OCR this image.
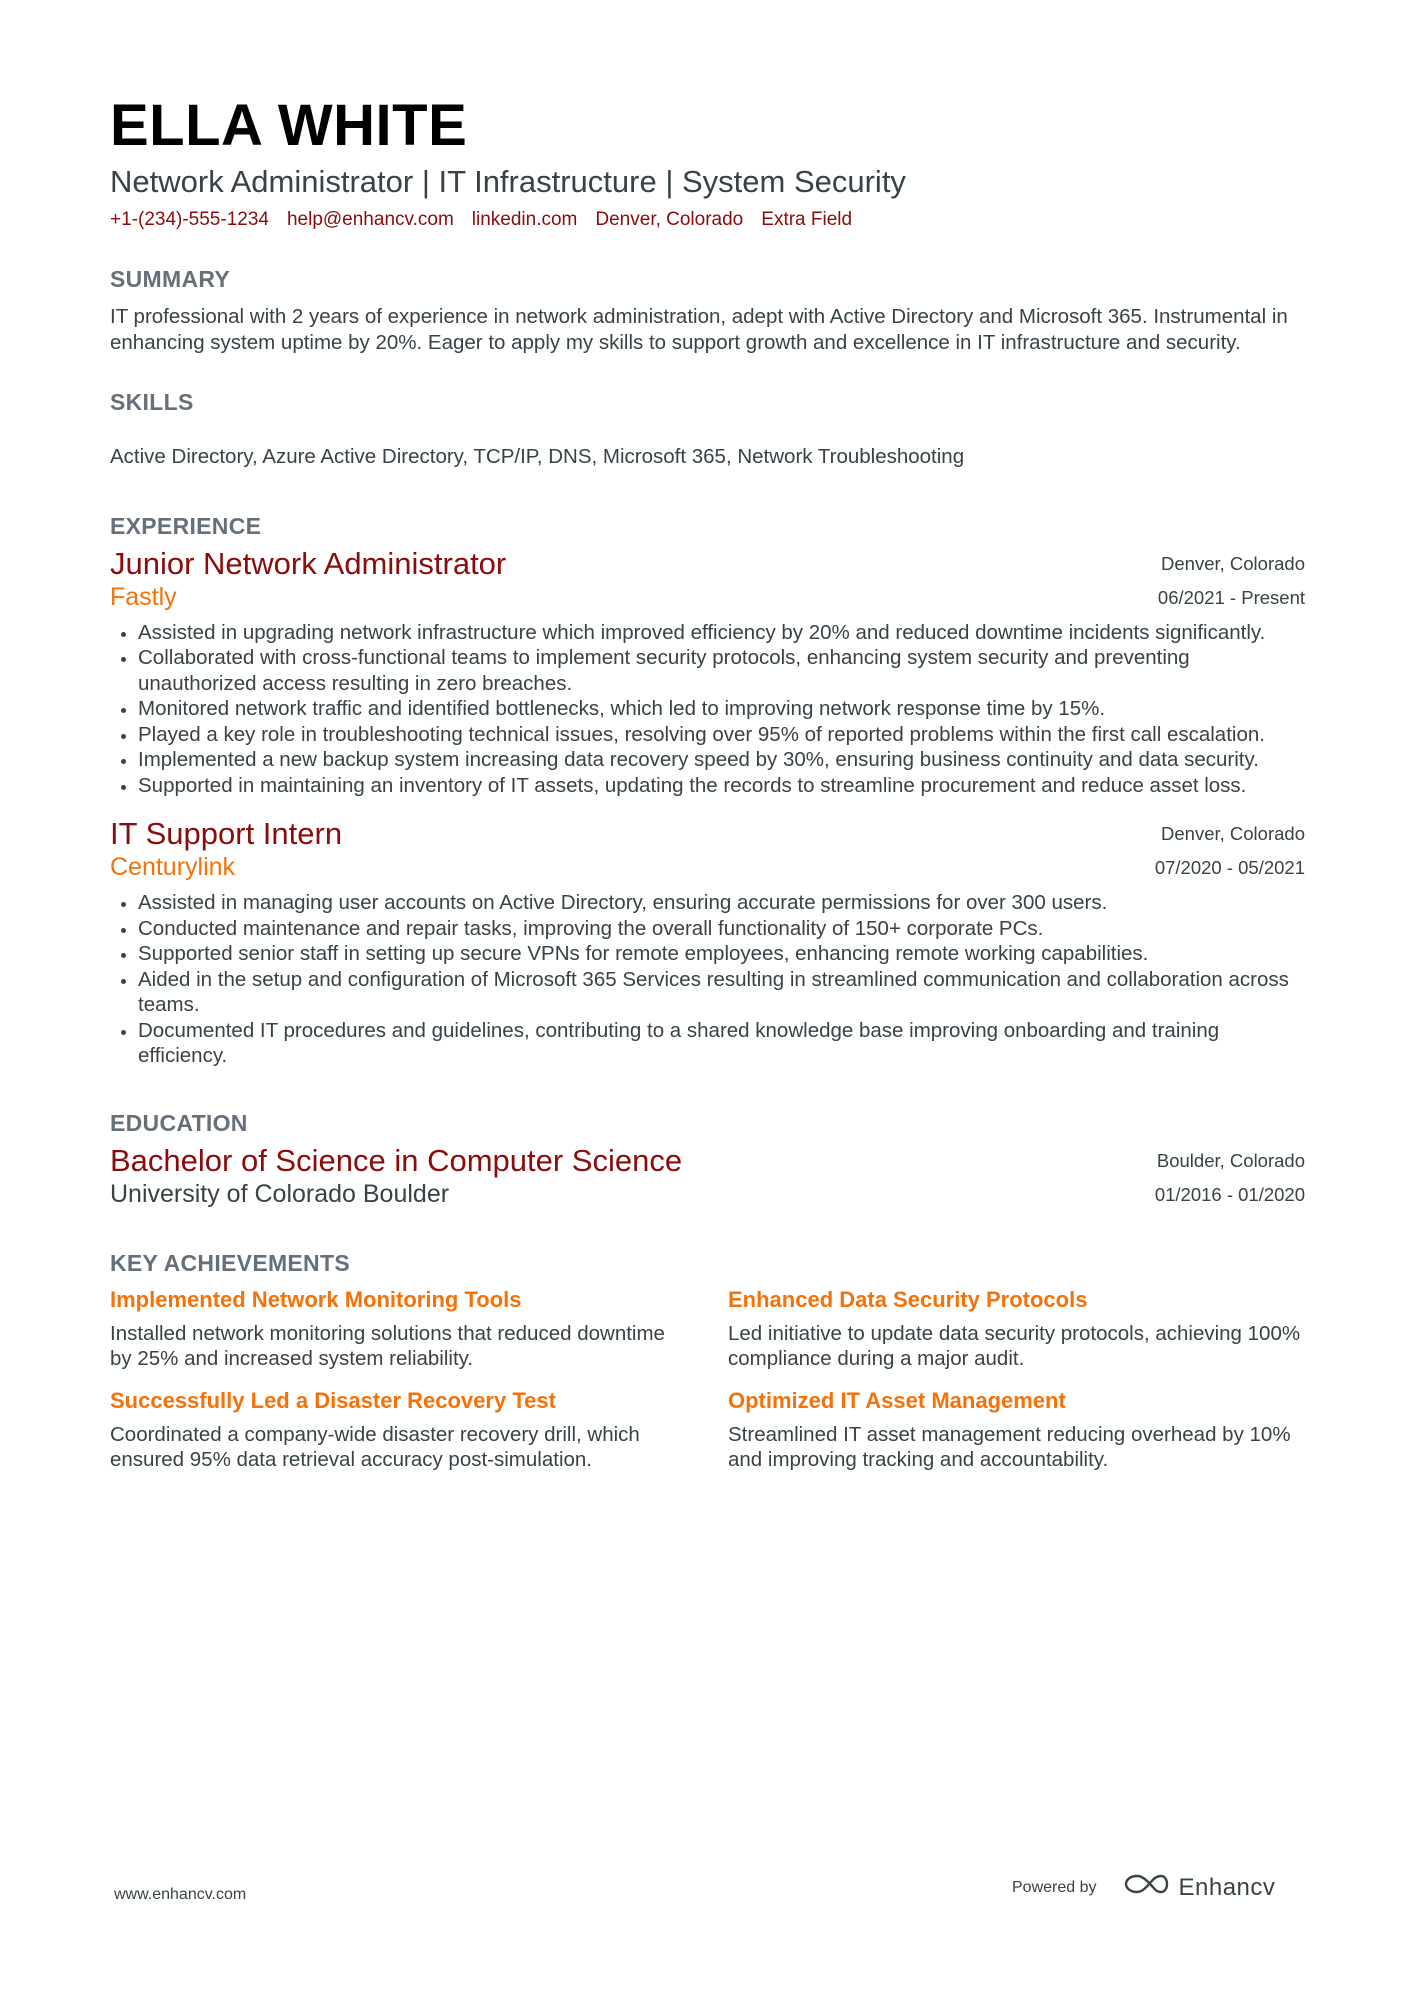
ELLA WHITE
Network Administrator | IT Infrastructure | System Security
+1-(234)-555-1234 help@enhancv.com linkedin.com Denver, Colorado Extra Field
SUMMARY
IT professional with 2 years of experience in network administration, adept with Active Directory and Microsoft 365. Instrumental in enhancing system uptime by 20%. Eager to apply my skills to support growth and excellence in IT infrastructure and security.
SKILLS
Active Directory, Azure Active Directory, TCP/IP, DNS, Microsoft 365, Network Troubleshooting
EXPERIENCE
Junior Network Administrator
Fastly
Denver, Colorado
06/2021 - Present
• Assisted in upgrading network infrastructure which improved efficiency by 20% and reduced downtime incidents significantly.
• Collaborated with cross-functional teams to implement security protocols, enhancing system security and preventing unauthorized access resulting in zero breaches.
• Monitored network traffic and identified bottlenecks, which led to improving network response time by 15%.
• Played a key role in troubleshooting technical issues, resolving over 95% of reported problems within the first call escalation.
• Implemented a new backup system increasing data recovery speed by 30%, ensuring business continuity and data security.
• Supported in maintaining an inventory of IT assets, updating the records to streamline procurement and reduce asset loss.
IT Support Intern
Centurylink
Denver, Colorado
07/2020 - 05/2021
• Assisted in managing user accounts on Active Directory, ensuring accurate permissions for over 300 users.
• Conducted maintenance and repair tasks, improving the overall functionality of 150+ corporate PCs.
• Supported senior staff in setting up secure VPNs for remote employees, enhancing remote working capabilities.
• Aided in the setup and configuration of Microsoft 365 Services resulting in streamlined communication and collaboration across teams.
• Documented IT procedures and guidelines, contributing to a shared knowledge base improving onboarding and training efficiency.
EDUCATION
Bachelor of Science in Computer Science
University of Colorado Boulder
Boulder, Colorado
01/2016 - 01/2020
KEY ACHIEVEMENTS
Implemented Network Monitoring Tools
Installed network monitoring solutions that reduced downtime by 25% and increased system reliability.
Enhanced Data Security Protocols
Led initiative to update data security protocols, achieving 100% compliance during a major audit.
Successfully Led a Disaster Recovery Test
Coordinated a company-wide disaster recovery drill, which ensured 95% data retrieval accuracy post-simulation.
Optimized IT Asset Management
Streamlined IT asset management reducing overhead by 10% and improving tracking and accountability.
www.enhancv.com	Powered by	Enhancv
